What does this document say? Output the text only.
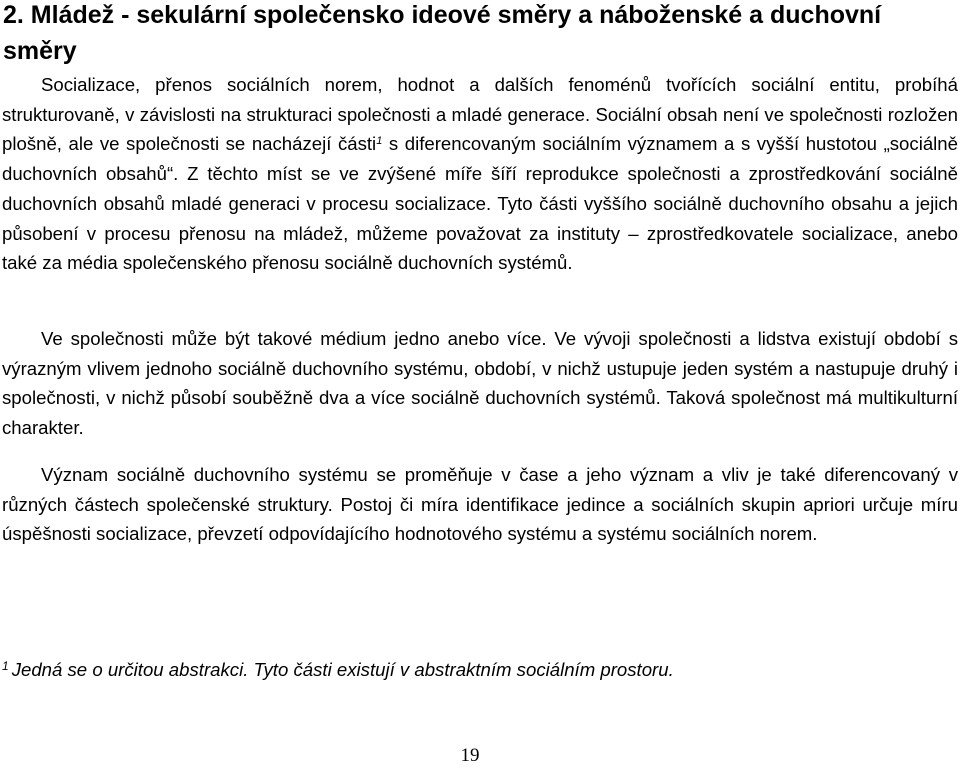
2. Mládež - sekulární společensko ideové směry a náboženské a duchovní směry

Socializace, přenos sociálních norem, hodnot a dalších fenoménů tvořících sociální entitu, probíhá strukturovaně, v závislosti na strukturaci společnosti a mladé generace. Sociální obsah není ve společnosti rozložen plošně, ale ve společnosti se nacházejí části$^1$ s diferencovaným sociálním významem a s vyšší hustotou „sociálně duchovních obsahů“. Z těchto míst se ve zvýšené míře šíří reprodukce společnosti a zprostředkování sociálně duchovních obsahů mladé generaci v procesu socializace. Tyto části vyššího sociálně duchovního obsahu a jejich působení v procesu přenosu na mládež, můžeme považovat za instituty – zprostředkovatele socializace, anebo také za média společenského přenosu sociálně duchovních systémů.

Ve společnosti může být takové médium jedno anebo více. Ve vývoji společnosti a lidstva existují období s výrazným vlivem jednoho sociálně duchovního systému, období, v nichž ustupuje jeden systém a nastupuje druhý i společnosti, v nichž působí souběžně dva a více sociálně duchovních systémů. Taková společnost má multikulturní charakter.

Význam sociálně duchovního systému se proměňuje v čase a jeho význam a vliv je také diferencovaný v různých částech společenské struktury. Postoj či míra identifikace jedince a sociálních skupin apriori určuje míru úspěšnosti socializace, převzetí odpovídajícího hodnotového systému a systému sociálních norem.

$^1$ Jedná se o určitou abstrakci. Tyto části existují v abstraktním sociálním prostoru.

19
